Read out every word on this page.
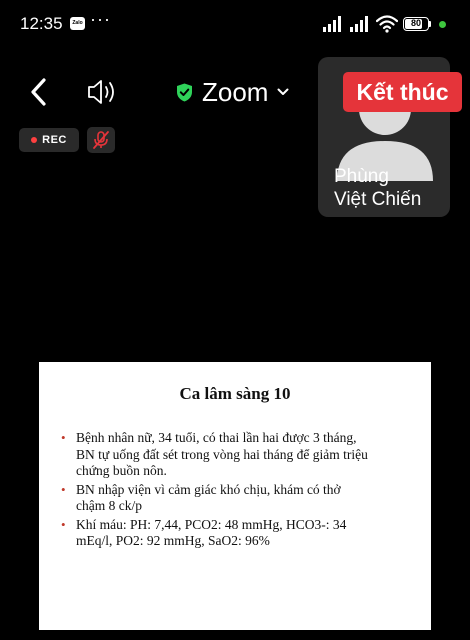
12:35	Zalo ···	80
Zoom
Phùng
Việt Chiến
Kết thúc
REC
Ca lâm sàng 10
• Bệnh nhân nữ, 34 tuổi, có thai lần hai được 3 tháng,
BN tự uống đất sét trong vòng hai tháng để giảm triệu
chứng buồn nôn.
• BN nhập viện vì cảm giác khó chịu, khám có thở
chậm 8 ck/p
• Khí máu: PH: 7,44, PCO2: 48 mmHg, HCO3-: 34
mEq/l, PO2: 92 mmHg, SaO2: 96%
